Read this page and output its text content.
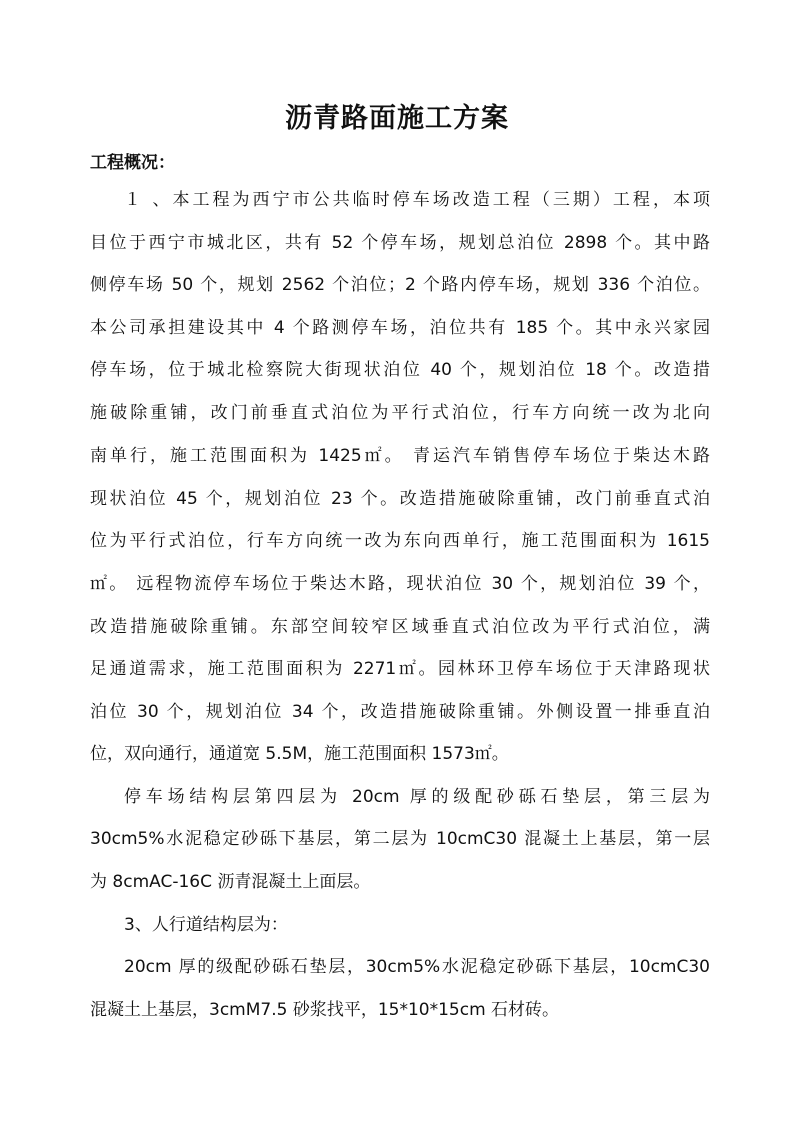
沥青路面施工方案
工程概况：
１ 、本工程为西宁市公共临时停车场改造工程（三期）工程，本项
目位于西宁市城北区，共有 52 个停车场，规划总泊位 2898 个。其中路
侧停车场 50 个，规划 2562 个泊位；2 个路内停车场，规划 336 个泊位。
本公司承担建设其中 4 个路测停车场，泊位共有 185 个。其中永兴家园
停车场，位于城北检察院大街现状泊位 40 个，规划泊位 18 个。改造措
施破除重铺，改门前垂直式泊位为平行式泊位，行车方向统一改为北向
南单行，施工范围面积为 1425㎡。 青运汽车销售停车场位于柴达木路
现状泊位 45 个，规划泊位 23 个。改造措施破除重铺，改门前垂直式泊
位为平行式泊位，行车方向统一改为东向西单行，施工范围面积为 1615
㎡。 远程物流停车场位于柴达木路，现状泊位 30 个，规划泊位 39 个，
改造措施破除重铺。东部空间较窄区域垂直式泊位改为平行式泊位，满
足通道需求，施工范围面积为 2271㎡。园林环卫停车场位于天津路现状
泊位 30 个，规划泊位 34 个，改造措施破除重铺。外侧设置一排垂直泊
位，双向通行，通道宽 5.5M，施工范围面积 1573㎡。
停车场结构层第四层为 20cm 厚的级配砂砾石垫层，第三层为
30cm5%水泥稳定砂砾下基层，第二层为 10cmC30 混凝土上基层，第一层
为 8cmAC-16C 沥青混凝土上面层。
3、人行道结构层为：
20cm 厚的级配砂砾石垫层，30cm5%水泥稳定砂砾下基层，10cmC30
混凝土上基层，3cmM7.5 砂浆找平，15*10*15cm 石材砖。
